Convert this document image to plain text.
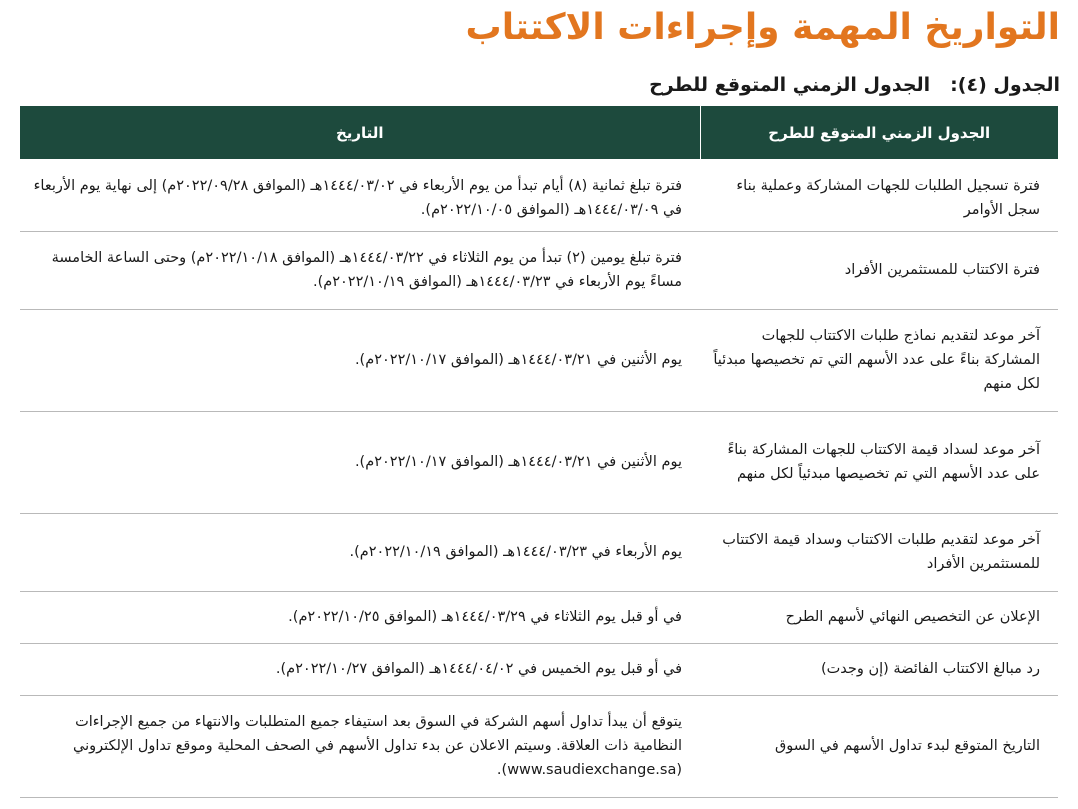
التواريخ المهمة وإجراءات الاكتتاب
الجدول (٤):
الجدول الزمني المتوقع للطرح
الجدول الزمني المتوقع للطرح	التاريخ

فترة تسجيل الطلبات للجهات المشاركة وعملية بناء سجل الأوامر	فترة تبلغ ثمانية (٨) أيام تبدأ من يوم الأربعاء في ١٤٤٤/٠٣/٠٢هـ (الموافق ٢٠٢٢/٠٩/٢٨م) إلى نهاية يوم الأربعاء في ١٤٤٤/٠٣/٠٩هـ (الموافق ٢٠٢٢/١٠/٠٥م).
فترة الاكتتاب للمستثمرين الأفراد	فترة تبلغ يومين (٢) تبدأ من يوم الثلاثاء في ١٤٤٤/٠٣/٢٢هـ (الموافق ٢٠٢٢/١٠/١٨م) وحتى الساعة الخامسة مساءً يوم الأربعاء في ١٤٤٤/٠٣/٢٣هـ (الموافق ٢٠٢٢/١٠/١٩م).
آخر موعد لتقديم نماذج طلبات الاكتتاب للجهات المشاركة بناءً على عدد الأسهم التي تم تخصيصها مبدئياً لكل منهم	يوم الأثنين في ١٤٤٤/٠٣/٢١هـ (الموافق ٢٠٢٢/١٠/١٧م).
آخر موعد لسداد قيمة الاكتتاب للجهات المشاركة بناءً على عدد الأسهم التي تم تخصيصها مبدئياً لكل منهم	يوم الأثنين في ١٤٤٤/٠٣/٢١هـ (الموافق ٢٠٢٢/١٠/١٧م).
آخر موعد لتقديم طلبات الاكتتاب وسداد قيمة الاكتتاب للمستثمرين الأفراد	يوم الأربعاء في ١٤٤٤/٠٣/٢٣هـ (الموافق ٢٠٢٢/١٠/١٩م).
الإعلان عن التخصيص النهائي لأسهم الطرح	في أو قبل يوم الثلاثاء في ١٤٤٤/٠٣/٢٩هـ (الموافق ٢٠٢٢/١٠/٢٥م).
رد مبالغ الاكتتاب الفائضة (إن وجدت)	في أو قبل يوم الخميس في ١٤٤٤/٠٤/٠٢هـ (الموافق ٢٠٢٢/١٠/٢٧م).
التاريخ المتوقع لبدء تداول الأسهم في السوق	يتوقع أن يبدأ تداول أسهم الشركة في السوق بعد استيفاء جميع المتطلبات والانتهاء من جميع الإجراءات النظامية ذات العلاقة. وسيتم الاعلان عن بدء تداول الأسهم في الصحف المحلية وموقع تداول الإلكتروني (www.saudiexchange.sa).
